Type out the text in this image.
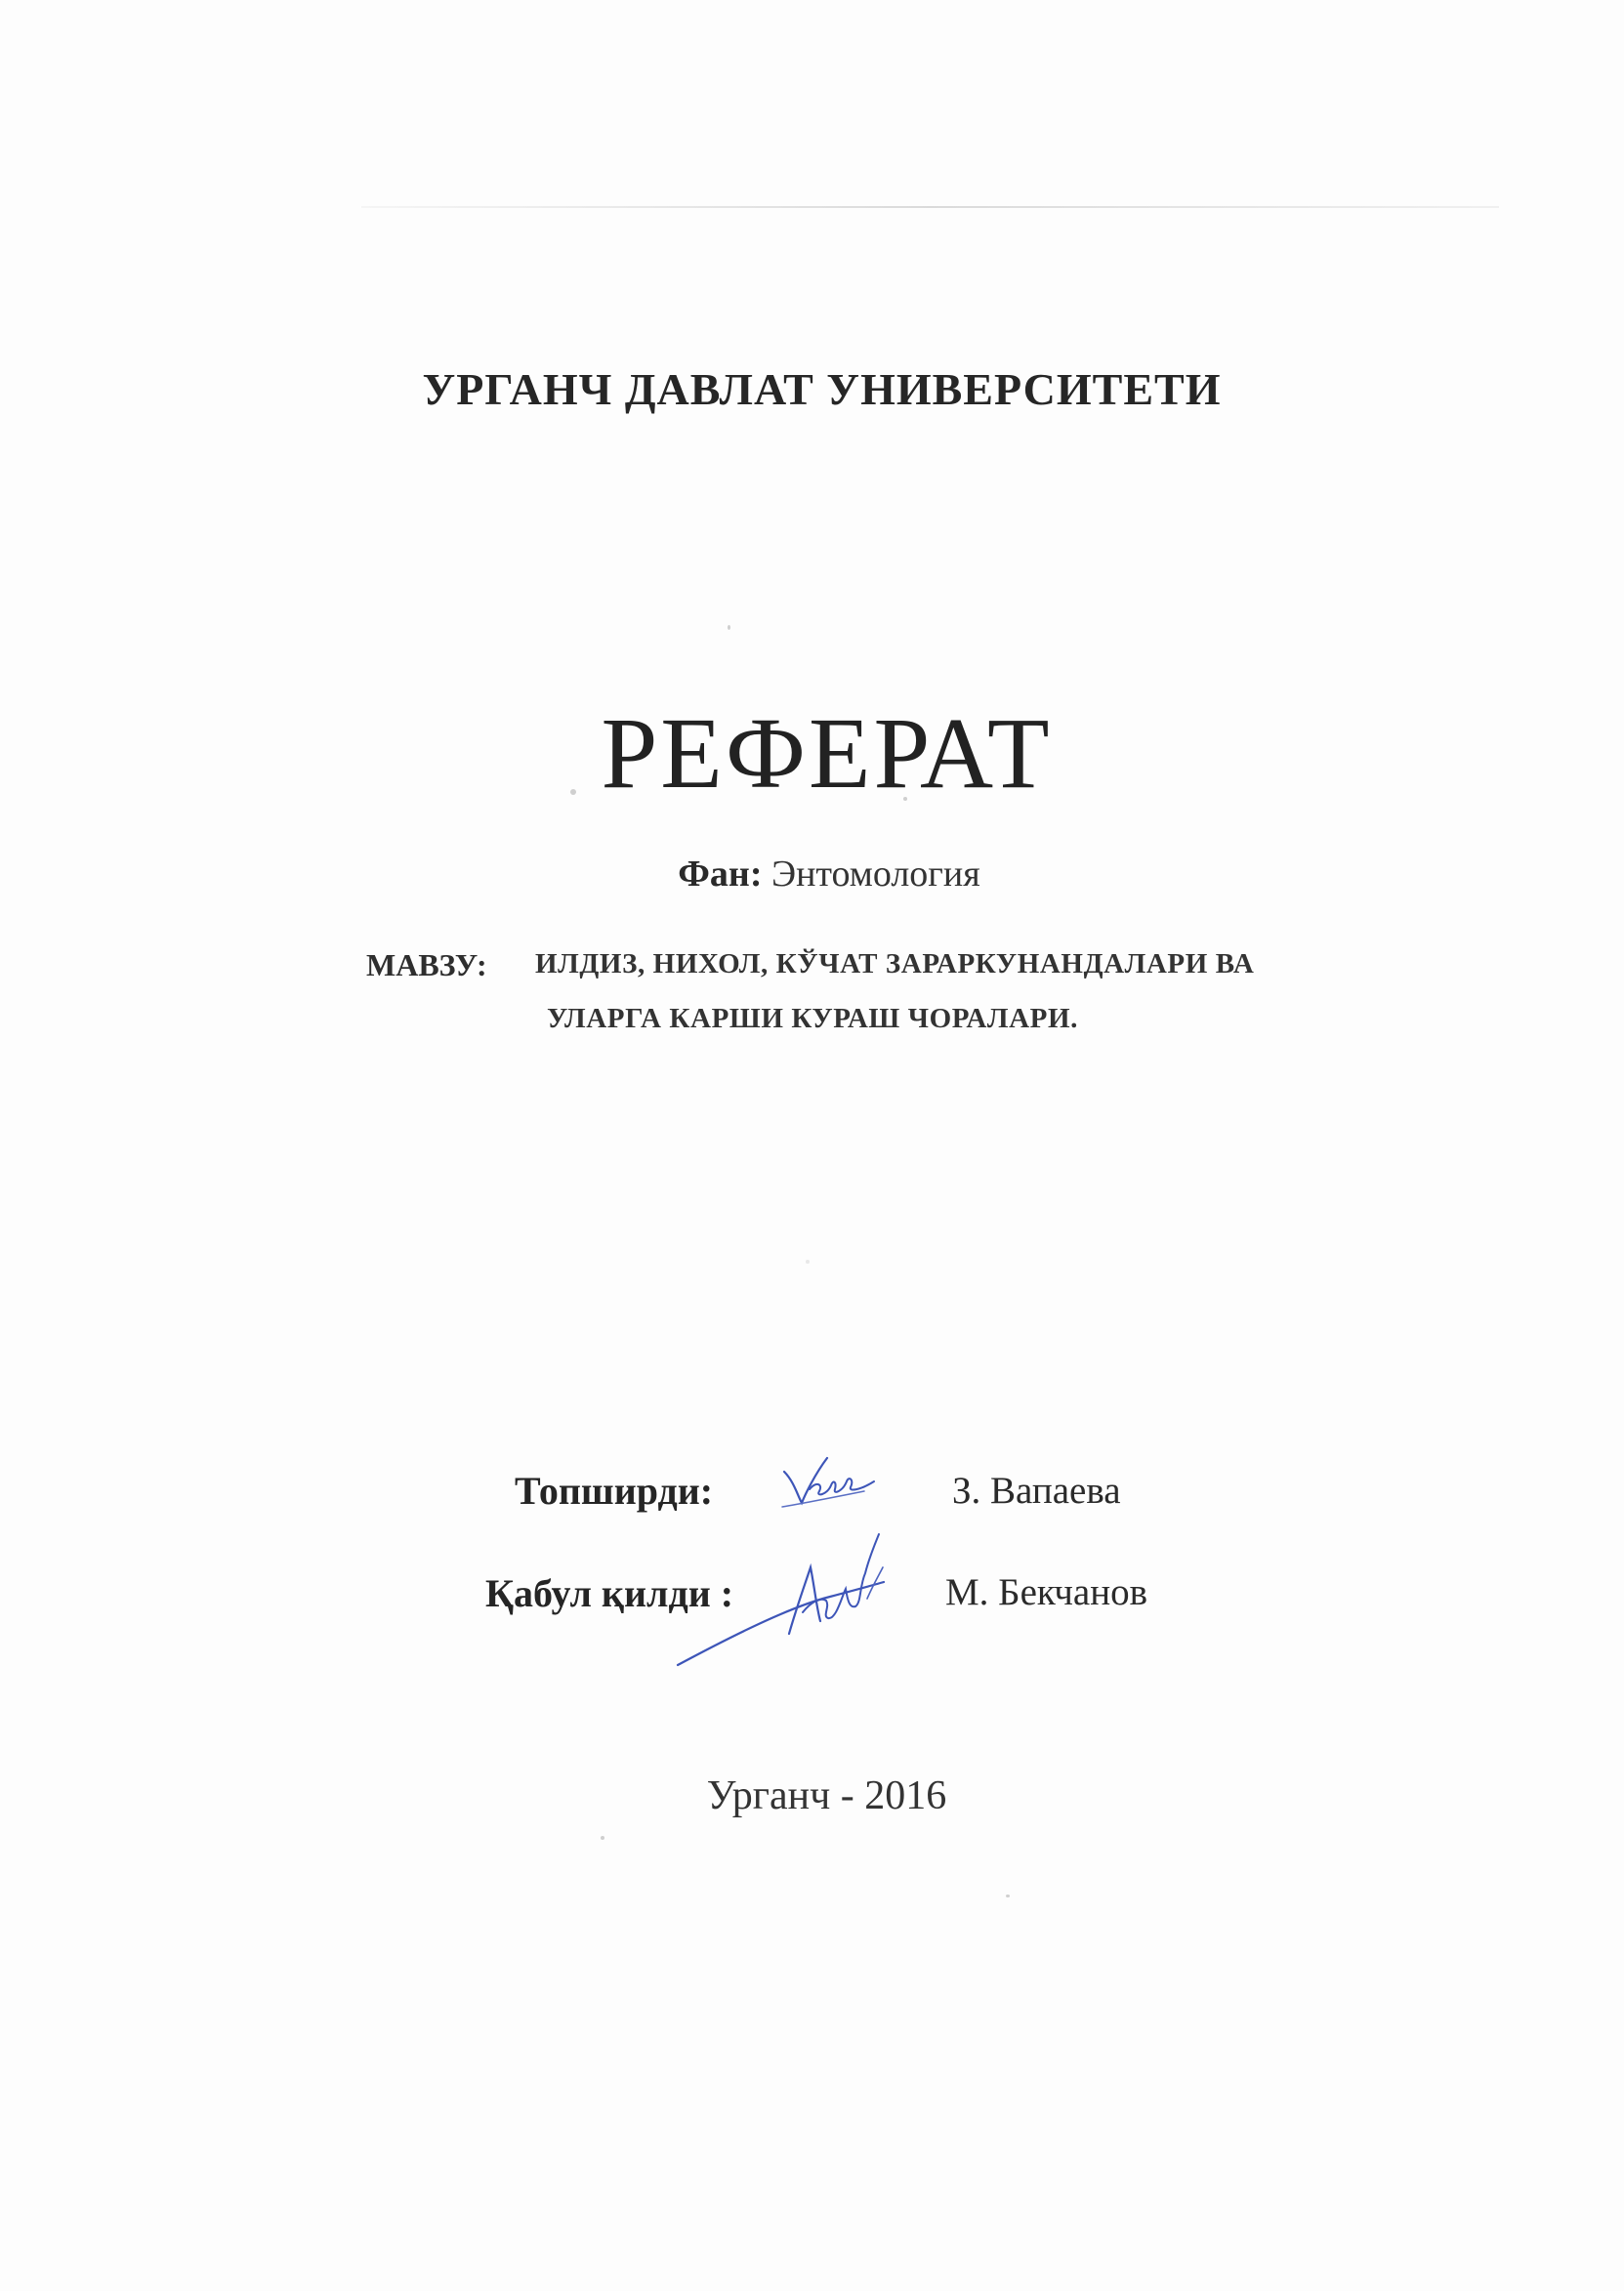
УРГАНЧ ДАВЛАТ УНИВЕРСИТЕТИ
РЕФЕРАТ
Фан: Энтомология
МАВЗУ: ИЛДИЗ, НИХОЛ, КЎЧАТ ЗАРАРКУНАНДАЛАРИ ВА
УЛАРГА КАРШИ КУРАШ ЧОРАЛАРИ.
Топширди:	З. Вапаева
Қабул қилди :	М. Бекчанов
Урганч - 2016
